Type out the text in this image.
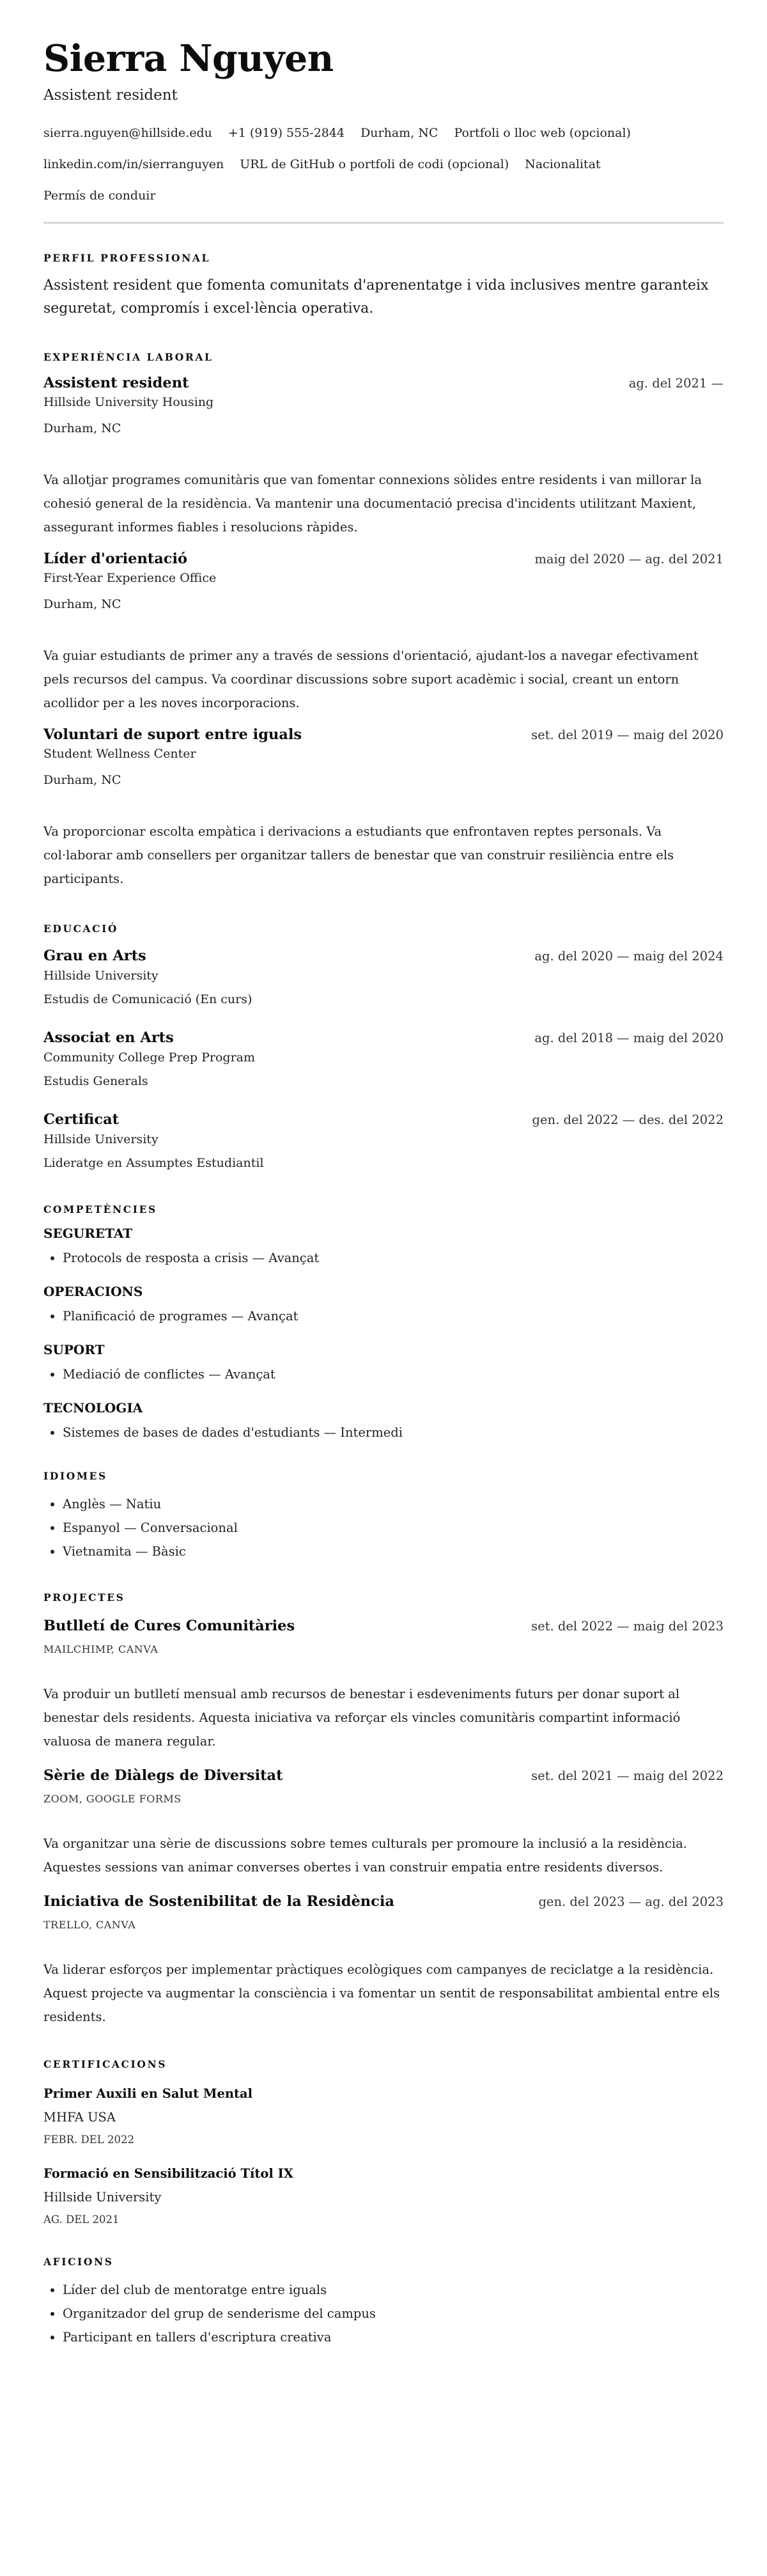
Sierra Nguyen
Assistent resident
sierra.nguyen@hillside.edu +1 (919) 555-2844 Durham, NC Portfoli o lloc web (opcional)
linkedin.com/in/sierranguyen URL de GitHub o portfoli de codi (opcional) Nacionalitat
Permís de conduir
PERFIL PROFESSIONAL

Assistent resident que fomenta comunitats d'aprenentatge i vida inclusives mentre garanteix seguretat, compromís i excel·lència operativa.

EXPERIÈNCIA LABORAL
Assistent resident	ag. del 2021 —
Hillside University Housing
Durham, NC

Va allotjar programes comunitàris que van fomentar connexions sòlides entre residents i van millorar la cohesió general de la residència. Va mantenir una documentació precisa d'incidents utilitzant Maxient, assegurant informes fiables i resolucions ràpides.

Líder d'orientació	maig del 2020 — ag. del 2021
First-Year Experience Office
Durham, NC

Va guiar estudiants de primer any a través de sessions d'orientació, ajudant-los a navegar efectivament pels recursos del campus. Va coordinar discussions sobre suport acadèmic i social, creant un entorn acollidor per a les noves incorporacions.

Voluntari de suport entre iguals	set. del 2019 — maig del 2020
Student Wellness Center
Durham, NC

Va proporcionar escolta empàtica i derivacions a estudiants que enfrontaven reptes personals. Va col·laborar amb consellers per organitzar tallers de benestar que van construir resiliència entre els participants.

EDUCACIÓ
Grau en Arts	ag. del 2020 — maig del 2024
Hillside University
Estudis de Comunicació (En curs)
Associat en Arts	ag. del 2018 — maig del 2020
Community College Prep Program
Estudis Generals
Certificat	gen. del 2022 — des. del 2022
Hillside University
Lideratge en Assumptes Estudiantil
COMPETÈNCIES
SEGURETAT
• Protocols de resposta a crisis — Avançat
OPERACIONS
• Planificació de programes — Avançat
SUPORT
• Mediació de conflictes — Avançat
TECNOLOGIA
• Sistemes de bases de dades d'estudiants — Intermedi
IDIOMES
• Anglès — Natiu
• Espanyol — Conversacional
• Vietnamita — Bàsic
PROJECTES
Butlletí de Cures Comunitàries	set. del 2022 — maig del 2023
MAILCHIMP, CANVA

Va produir un butlletí mensual amb recursos de benestar i esdeveniments futurs per donar suport al benestar dels residents. Aquesta iniciativa va reforçar els vincles comunitàris compartint informació valuosa de manera regular.

Sèrie de Diàlegs de Diversitat	set. del 2021 — maig del 2022
ZOOM, GOOGLE FORMS

Va organitzar una sèrie de discussions sobre temes culturals per promoure la inclusió a la residència. Aquestes sessions van animar converses obertes i van construir empatia entre residents diversos.

Iniciativa de Sostenibilitat de la Residència	gen. del 2023 — ag. del 2023
TRELLO, CANVA

Va liderar esforços per implementar pràctiques ecològiques com campanyes de reciclatge a la residència. Aquest projecte va augmentar la consciència i va fomentar un sentit de responsabilitat ambiental entre els residents.

CERTIFICACIONS
Primer Auxili en Salut Mental
MHFA USA
FEBR. DEL 2022
Formació en Sensibilització Títol IX
Hillside University
AG. DEL 2021
AFICIONS
• Líder del club de mentoratge entre iguals
• Organitzador del grup de senderisme del campus
• Participant en tallers d'escriptura creativa
